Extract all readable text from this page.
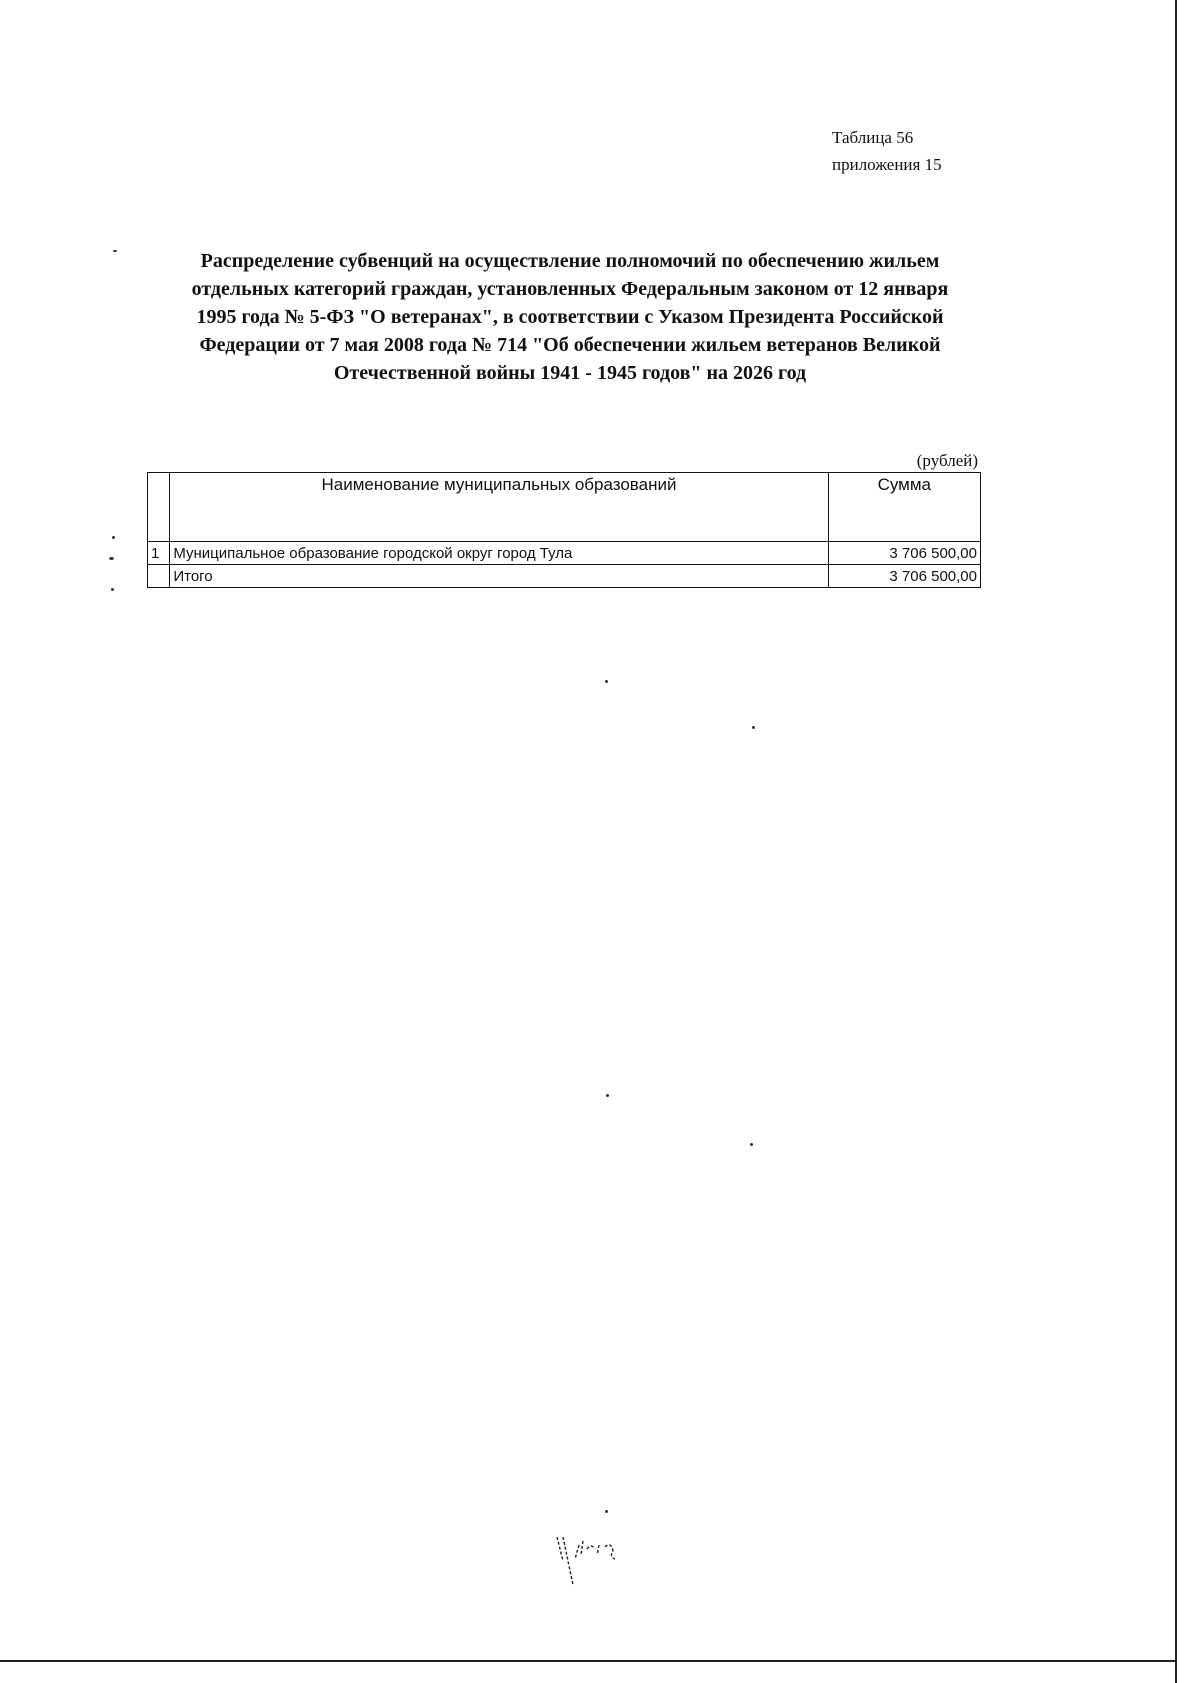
Таблица 56
приложения 15
Распределение субвенций на осуществление полномочий по обеспечению жильем
отдельных категорий граждан, установленных Федеральным законом от 12 января
1995 года № 5-ФЗ "О ветеранах", в соответствии с Указом Президента Российской
Федерации от 7 мая 2008 года № 714 "Об обеспечении жильем ветеранов Великой
Отечественной войны 1941 - 1945 годов" на 2026 год
(рублей)
	Наименование муниципальных образований	Сумма
1	Муниципальное образование городской округ город Тула	3 706 500,00
	Итого	3 706 500,00
